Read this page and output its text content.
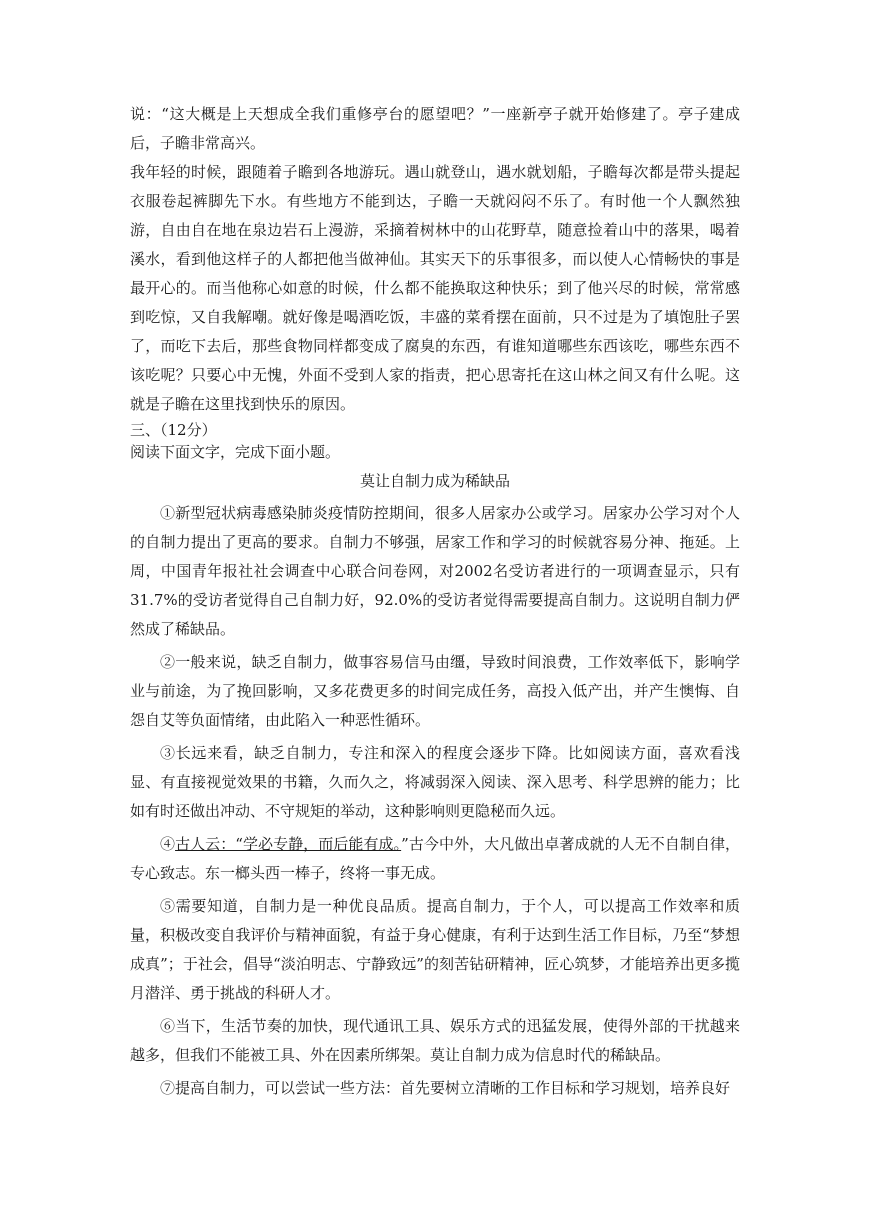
说：“这大概是上天想成全我们重修亭台的愿望吧？”一座新亭子就开始修建了。亭子建成后，子瞻非常高兴。

我年轻的时候，跟随着子瞻到各地游玩。遇山就登山，遇水就划船，子瞻每次都是带头提起衣服卷起裤脚先下水。有些地方不能到达，子瞻一天就闷闷不乐了。有时他一个人飘然独游，自由自在地在泉边岩石上漫游，采摘着树林中的山花野草，随意捡着山中的落果，喝着溪水，看到他这样子的人都把他当做神仙。其实天下的乐事很多，而以使人心情畅快的事是最开心的。而当他称心如意的时候，什么都不能换取这种快乐；到了他兴尽的时候，常常感到吃惊，又自我解嘲。就好像是喝酒吃饭，丰盛的菜肴摆在面前，只不过是为了填饱肚子罢了，而吃下去后，那些食物同样都变成了腐臭的东西，有谁知道哪些东西该吃，哪些东西不该吃呢？只要心中无愧，外面不受到人家的指责，把心思寄托在这山林之间又有什么呢。这就是子瞻在这里找到快乐的原因。

三、（12分）

阅读下面文字，完成下面小题。

莫让自制力成为稀缺品

①新型冠状病毒感染肺炎疫情防控期间，很多人居家办公或学习。居家办公学习对个人的自制力提出了更高的要求。自制力不够强，居家工作和学习的时候就容易分神、拖延。上周，中国青年报社社会调查中心联合问卷网，对2002名受访者进行的一项调查显示，只有31.7%的受访者觉得自己自制力好，92.0%的受访者觉得需要提高自制力。这说明自制力俨然成了稀缺品。

②一般来说，缺乏自制力，做事容易信马由缰，导致时间浪费，工作效率低下，影响学业与前途，为了挽回影响，又多花费更多的时间完成任务，高投入低产出，并产生懊悔、自怨自艾等负面情绪，由此陷入一种恶性循环。

③长远来看，缺乏自制力，专注和深入的程度会逐步下降。比如阅读方面，喜欢看浅显、有直接视觉效果的书籍，久而久之，将减弱深入阅读、深入思考、科学思辨的能力；比如有时还做出冲动、不守规矩的举动，这种影响则更隐秘而久远。

④古人云：“学必专静，而后能有成。”古今中外，大凡做出卓著成就的人无不自制自律，专心致志。东一榔头西一棒子，终将一事无成。

⑤需要知道，自制力是一种优良品质。提高自制力，于个人，可以提高工作效率和质量，积极改变自我评价与精神面貌，有益于身心健康，有利于达到生活工作目标，乃至“梦想成真”；于社会，倡导“淡泊明志、宁静致远”的刻苦钻研精神，匠心筑梦，才能培养出更多揽月潜洋、勇于挑战的科研人才。

⑥当下，生活节奏的加快，现代通讯工具、娱乐方式的迅猛发展，使得外部的干扰越来越多，但我们不能被工具、外在因素所绑架。莫让自制力成为信息时代的稀缺品。

⑦提高自制力，可以尝试一些方法：首先要树立清晰的工作目标和学习规划，培养良好
